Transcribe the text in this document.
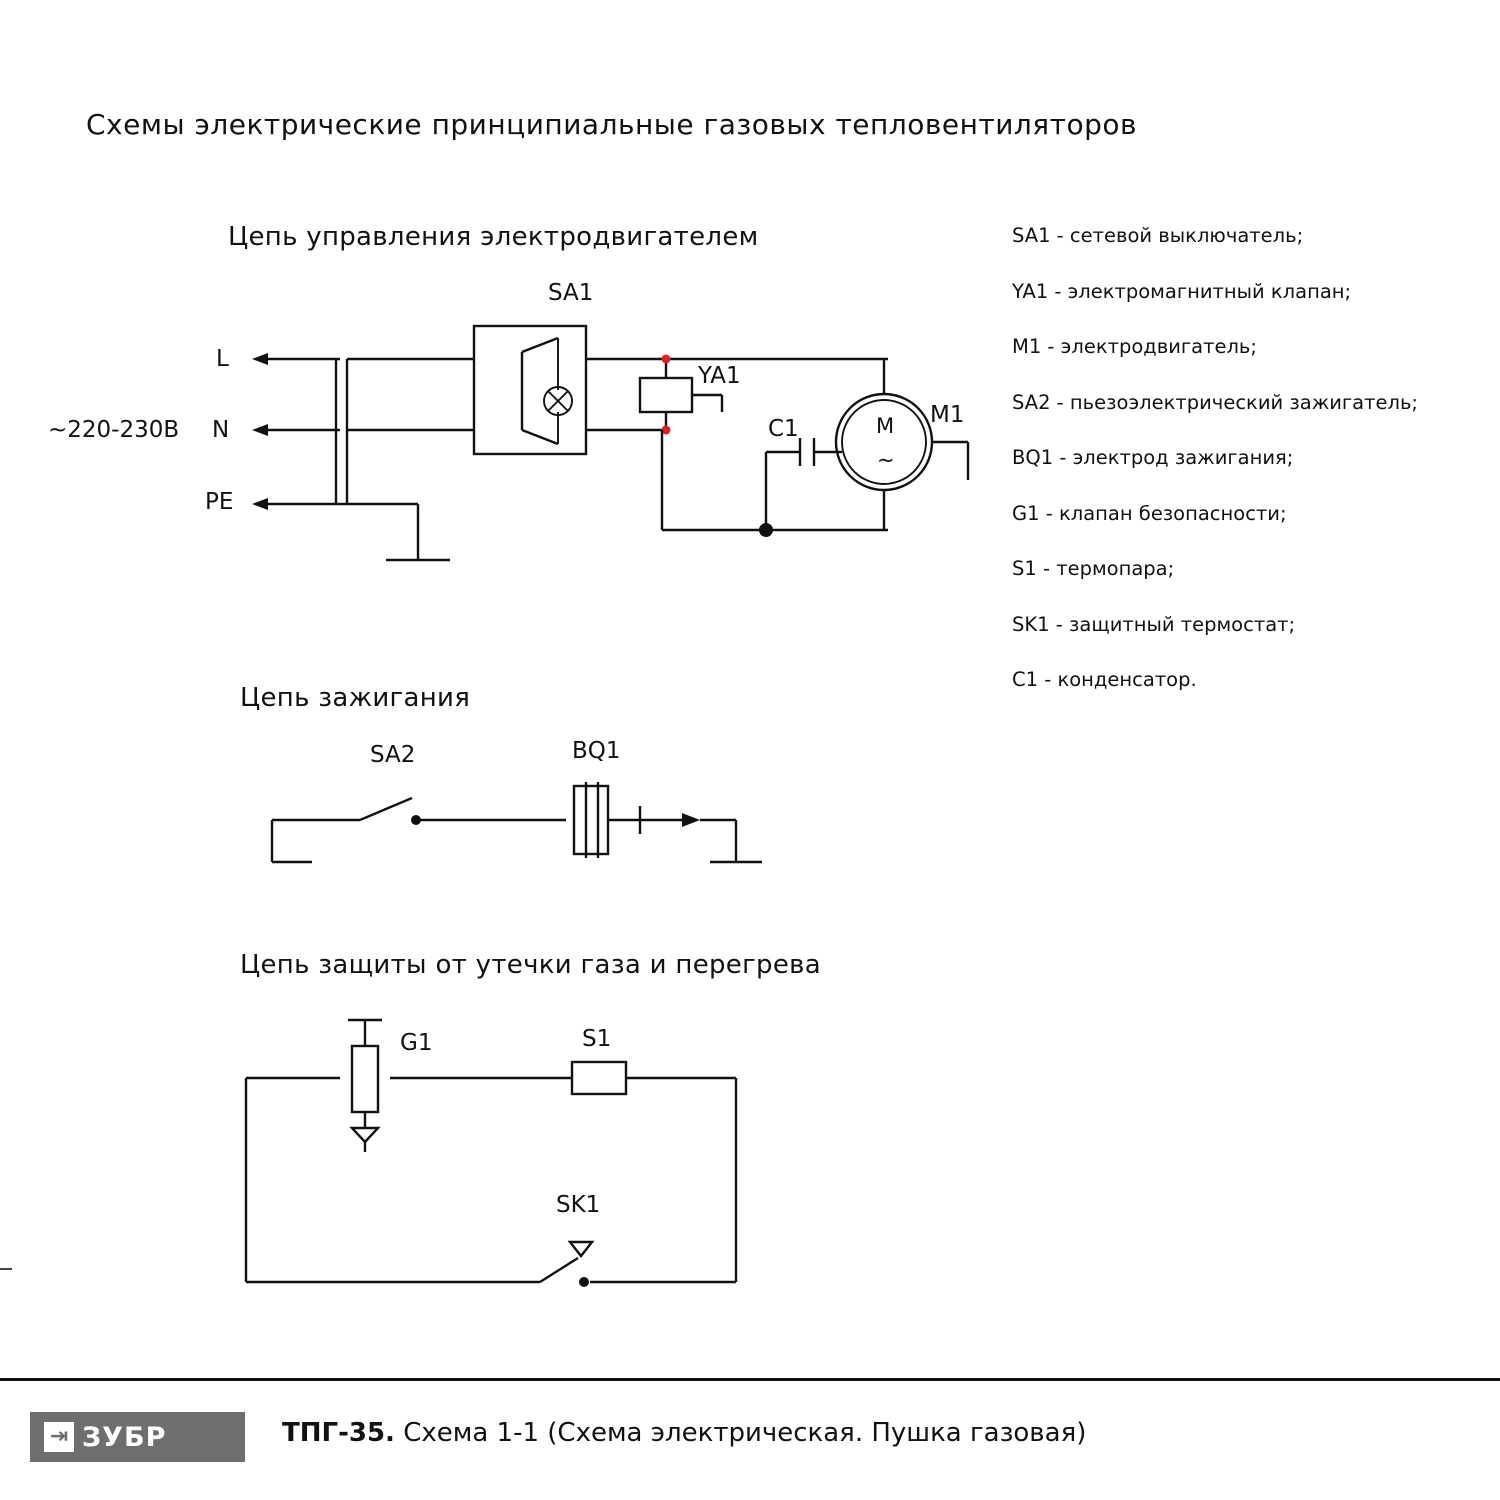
Схемы электрические принципиальные газовых тепловентиляторов
Цепь управления электродвигателем
Цепь зажигания
Цепь защиты от утечки газа и перегрева
L
N
PE
~220-230В
SA1
YA1
C1
M1
M
~
SA2	BQ1
G1	S1
SK1
SA1 - сетевой выключатель;
YA1 - электромагнитный клапан;
M1 - электродвигатель;
SA2 - пьезоэлектрический зажигатель;
BQ1 - электрод зажигания;
G1 - клапан безопасности;
S1 - термопара;
SK1 - защитный термостат;
C1 - конденсатор.
⇥ ЗУБР	ТПГ-35. Схема 1-1 (Схема электрическая. Пушка газовая)
